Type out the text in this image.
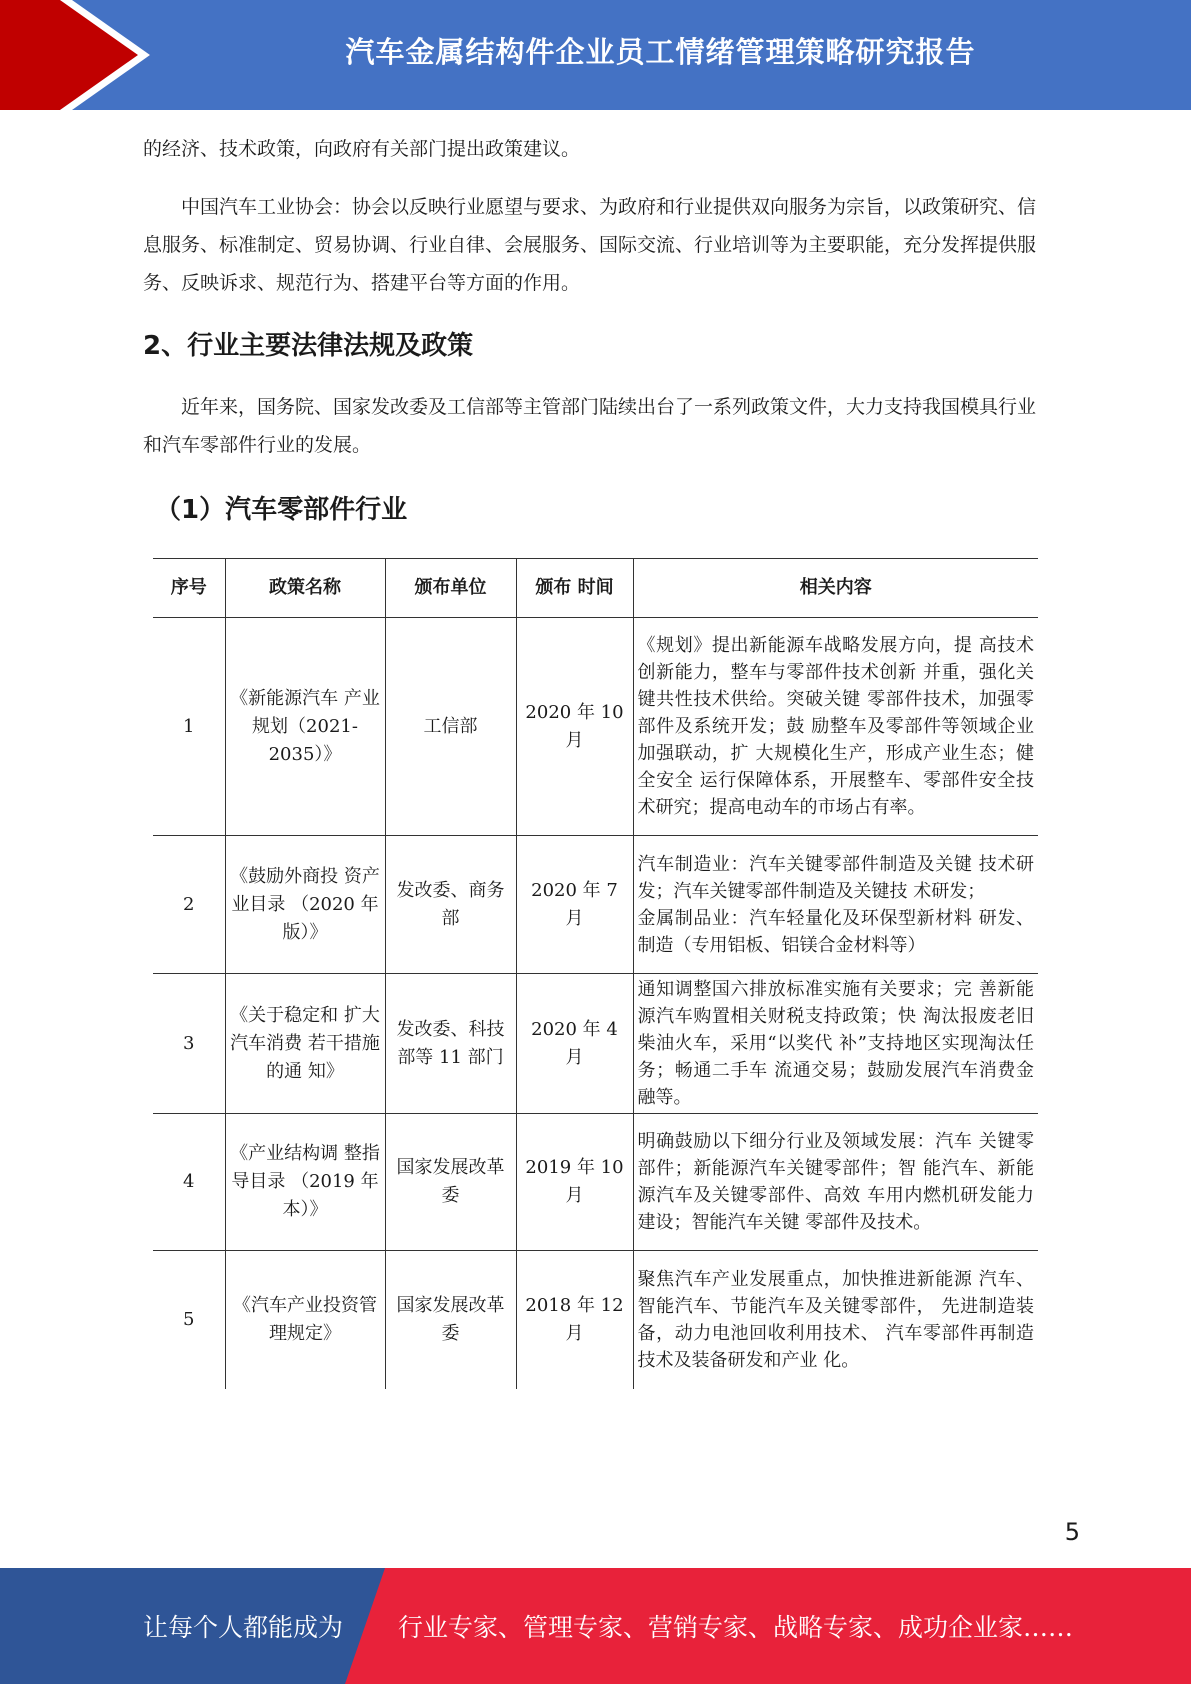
汽车金属结构件企业员工情绪管理策略研究报告

的经济、技术政策，向政府有关部门提出政策建议。

中国汽车工业协会：协会以反映行业愿望与要求、为政府和行业提供双向服务为宗旨，以政策研究、信息服务、标准制定、贸易协调、行业自律、会展服务、国际交流、行业培训等为主要职能，充分发挥提供服务、反映诉求、规范行为、搭建平台等方面的作用。

2、行业主要法律法规及政策

近年来，国务院、国家发改委及工信部等主管部门陆续出台了一系列政策文件，大力支持我国模具行业和汽车零部件行业的发展。

（1）汽车零部件行业
序号	政策名称	颁布单位	颁布 时间	相关内容
1	《新能源汽车 产业规划（2021-2035）》	工信部	2020 年 10 月	《规划》提出新能源车战略发展方向，提 高技术创新能力，整车与零部件技术创新 并重，强化关键共性技术供给。突破关键 零部件技术，加强零部件及系统开发；鼓 励整车及零部件等领域企业加强联动，扩 大规模化生产，形成产业生态；健全安全 运行保障体系，开展整车、零部件安全技 术研究；提高电动车的市场占有率。
2	《鼓励外商投 资产业目录 （2020 年版）》	发改委、商务部	2020 年 7 月	汽车制造业：汽车关键零部件制造及关键 技术研发；汽车关键零部件制造及关键技 术研发；
金属制品业：汽车轻量化及环保型新材料 研发、制造（专用铝板、铝镁合金材料等）
3	《关于稳定和 扩大汽车消费 若干措施的通 知》	发改委、科技部等 11 部门	2020 年 4 月	通知调整国六排放标准实施有关要求；完 善新能源汽车购置相关财税支持政策；快 淘汰报废老旧柴油火车，采用“以奖代 补”支持地区实现淘汰任务；畅通二手车 流通交易；鼓励发展汽车消费金融等。
4	《产业结构调 整指导目录 （2019 年本）》	国家发展改革委	2019 年 10 月	明确鼓励以下细分行业及领域发展：汽车 关键零部件；新能源汽车关键零部件；智 能汽车、新能源汽车及关键零部件、高效 车用内燃机研发能力建设；智能汽车关键 零部件及技术。
5	《汽车产业投资管理规定》	国家发展改革委	2018 年 12 月	聚焦汽车产业发展重点，加快推进新能源 汽车、智能汽车、节能汽车及关键零部件， 先进制造装备，动力电池回收利用技术、 汽车零部件再制造技术及装备研发和产业 化。
5
让每个人都能成为 行业专家、管理专家、营销专家、战略专家、成功企业家……
